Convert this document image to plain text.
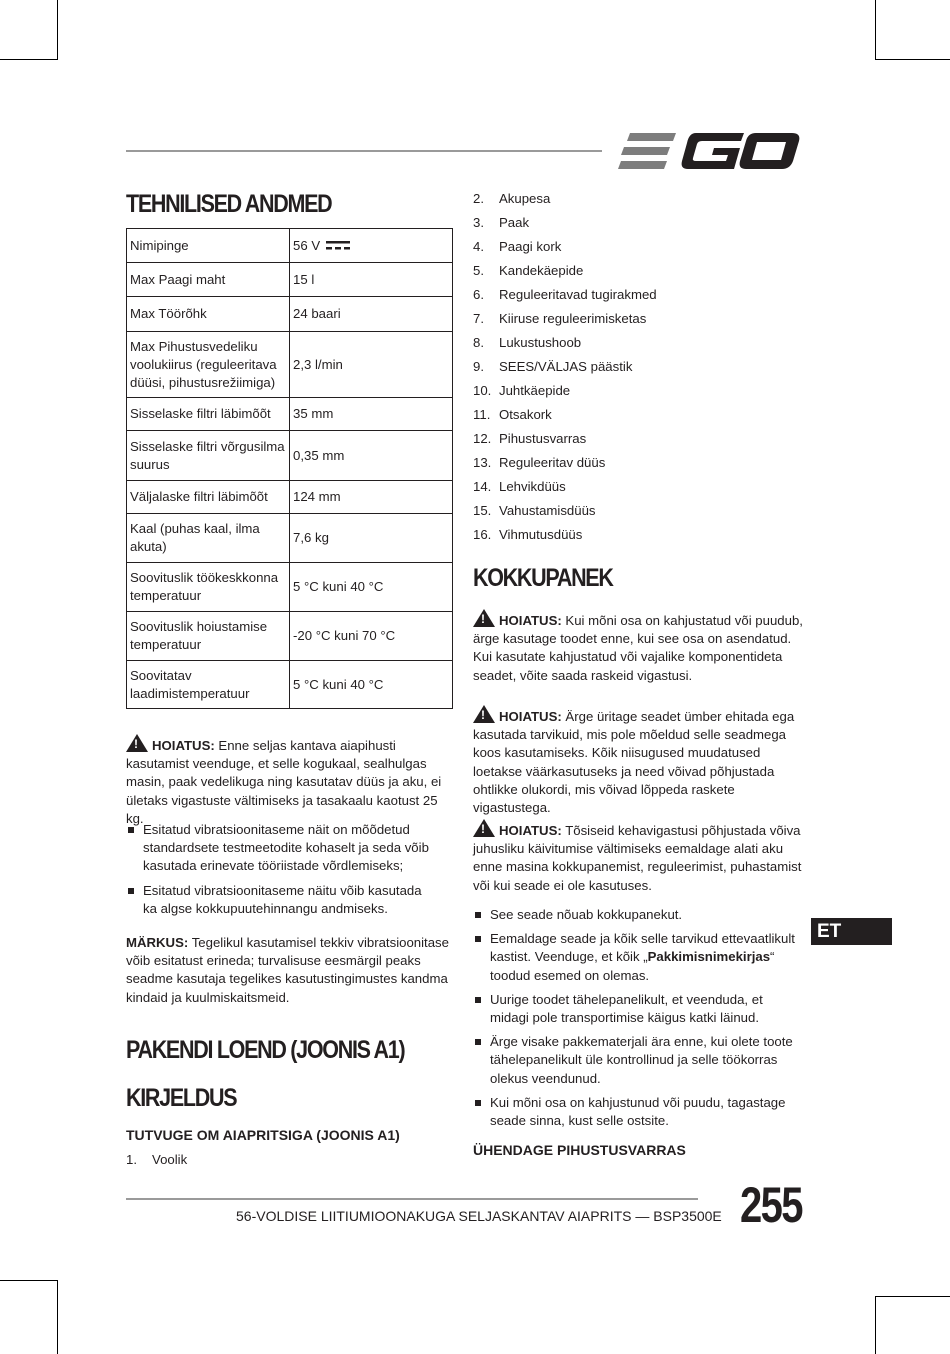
TEHNILISED ANDMED
Nimipinge	56 V
Max Paagi maht	15 l
Max Töörõhk	24 baari
Max Pihustusvedeliku voolukiirus (reguleeritava düüsi, pihustusrežiimiga)	2,3 l/min
Sisselaske filtri läbimõõt	35 mm
Sisselaske filtri võrgusilma suurus	0,35 mm
Väljalaske filtri läbimõõt	124 mm
Kaal (puhas kaal, ilma akuta)	7,6 kg
Soovituslik töökeskkonna temperatuur	5 °C kuni 40 °C
Soovituslik hoiustamise temperatuur	-20 °C kuni 70 °C
Soovitatav laadimistemperatuur	5 °C kuni 40 °C
!HOIATUS: Enne seljas kantava aiapihusti kasutamist veenduge, et selle kogukaal, sealhulgas masin, paak vedelikuga ning kasutatav düüs ja aku, ei ületaks vigastuste vältimiseks ja tasakaalu kaotust 25 kg.
Esitatud vibratsioonitaseme näit on mõõdetud standardsete testmeetodite kohaselt ja seda võib kasutada erinevate tööriistade võrdlemiseks;
Esitatud vibratsioonitaseme näitu võib kasutada ka algse kokkupuutehinnangu andmiseks.
MÄRKUS: Tegelikul kasutamisel tekkiv vibratsioonitase võib esitatust erineda; turvalisuse eesmärgil peaks seadme kasutaja tegelikes kasutustingimustes kandma kindaid ja kuulmiskaitsmeid.
PAKENDI LOEND (JOONIS A1)
KIRJELDUS
TUTVUGE OM AIAPRITSIGA (JOONIS A1)
1.	Voolik
2.	Akupesa
3.	Paak
4.	Paagi kork
5.	Kandekäepide
6.	Reguleeritavad tugirakmed
7.	Kiiruse reguleerimisketas
8.	Lukustushoob
9.	SEES/VÄLJAS päästik
10. Juhtkäepide
11. Otsakork
12. Pihustusvarras
13. Reguleeritav düüs
14. Lehvikdüüs
15. Vahustamisdüüs
16. Vihmutusdüüs
KOKKUPANEK
!HOIATUS: Kui mõni osa on kahjustatud või puudub, ärge kasutage toodet enne, kui see osa on asendatud. Kui kasutate kahjustatud või vajalike komponentideta seadet, võite saada raskeid vigastusi.
!HOIATUS: Ärge üritage seadet ümber ehitada ega kasutada tarvikuid, mis pole mõeldud selle seadmega koos kasutamiseks. Kõik niisugused muudatused loetakse väärkasutuseks ja need võivad põhjustada ohtlikke olukordi, mis võivad lõppeda raskete vigastustega.
!HOIATUS: Tõsiseid kehavigastusi põhjustada võiva juhusliku käivitumise vältimiseks eemaldage alati aku enne masina kokkupanemist, reguleerimist, puhastamist või kui seade ei ole kasutuses.
See seade nõuab kokkupanekut.
Eemaldage seade ja kõik selle tarvikud ettevaatlikult kastist. Veenduge, et kõik „Pakkimisnimekirjas“ toodud esemed on olemas.
Uurige toodet tähelepanelikult, et veenduda, et midagi pole transportimise käigus katki läinud.
Ärge visake pakkematerjali ära enne, kui olete toote tähelepanelikult üle kontrollinud ja selle töökorras olekus veendunud.
Kui mõni osa on kahjustunud või puudu, tagastage seade sinna, kust selle ostsite.
ÜHENDAGE PIHUSTUSVARRAS
ET
56-VOLDISE LIITIUMIOONAKUGA SELJASKANTAV AIAPRITS — BSP3500E 255
